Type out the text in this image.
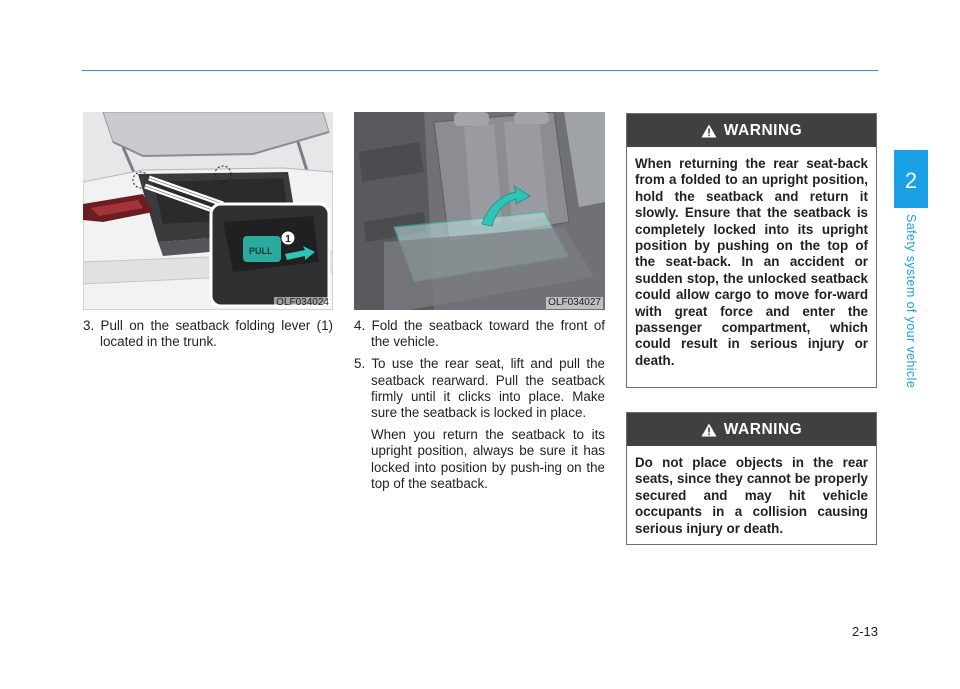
PULL
1
OLF034024	OLF034027

3. Pull on the seatback folding lever (1) located in the trunk.

4. Fold the seatback toward the front of the vehicle.

5. To use the rear seat, lift and pull the seatback rearward. Pull the seatback firmly until it clicks into place. Make sure the seatback is locked in place.

When you return the seatback to its upright position, always be sure it has locked into position by push-ing on the top of the seatback.

WARNING
When returning the rear seat-back from a folded to an upright position, hold the seatback and return it slowly. Ensure that the seatback is completely locked into its upright position by pushing on the top of the seat-back. In an accident or sudden stop, the unlocked seatback could allow cargo to move for-ward with great force and enter the passenger compartment, which could result in serious injury or death.
WARNING
Do not place objects in the rear seats, since they cannot be properly secured and may hit vehicle occupants in a collision causing serious injury or death.
2
Safety system of your vehicle
2-13
